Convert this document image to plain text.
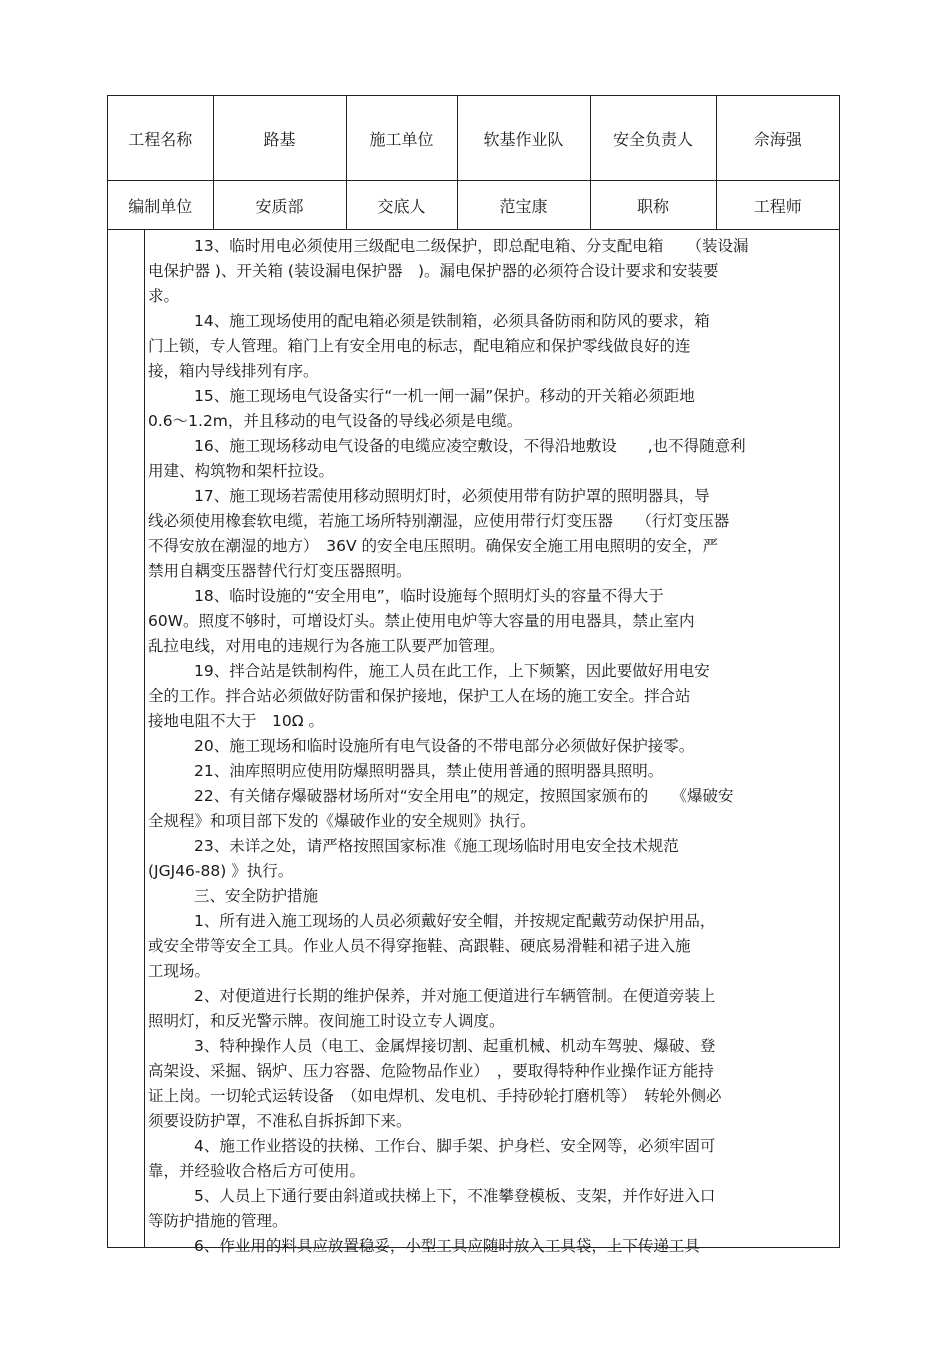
工程名称	路基	施工单位	软基作业队	安全负责人	佘海强
编制单位	安质部	交底人	范宝康	职称	工程师
13、临时用电必须使用三级配电二级保护，即总配电箱、分支配电箱　　（装设漏
电保护器 )、开关箱 (装设漏电保护器　)。漏电保护器的必须符合设计要求和安装要
求。
14、施工现场使用的配电箱必须是铁制箱，必须具备防雨和防风的要求，箱
门上锁，专人管理。箱门上有安全用电的标志，配电箱应和保护零线做良好的连
接，箱内导线排列有序。
15、施工现场电气设备实行“一机一闸一漏”保护。移动的开关箱必须距地
0.6～1.2m，并且移动的电气设备的导线必须是电缆。
16、施工现场移动电气设备的电缆应凌空敷设，不得沿地敷设　　,也不得随意利
用建、构筑物和架杆拉设。
17、施工现场若需使用移动照明灯时，必须使用带有防护罩的照明器具，导
线必须使用橡套软电缆，若施工场所特别潮湿，应使用带行灯变压器　　（行灯变压器
不得安放在潮湿的地方）　36V 的安全电压照明。确保安全施工用电照明的安全，严
禁用自耦变压器替代行灯变压器照明。
18、临时设施的“安全用电”，临时设施每个照明灯头的容量不得大于
60W。照度不够时，可增设灯头。禁止使用电炉等大容量的用电器具，禁止室内
乱拉电线，对用电的违规行为各施工队要严加管理。
19、拌合站是铁制构件，施工人员在此工作，上下频繁，因此要做好用电安
全的工作。拌合站必须做好防雷和保护接地，保护工人在场的施工安全。拌合站
接地电阻不大于　10Ω 。
20、施工现场和临时设施所有电气设备的不带电部分必须做好保护接零。
21、油库照明应使用防爆照明器具，禁止使用普通的照明器具照明。
22、有关储存爆破器材场所对“安全用电”的规定，按照国家颁布的　　《爆破安
全规程》和项目部下发的《爆破作业的安全规则》执行。
23、未详之处，请严格按照国家标准《施工现场临时用电安全技术规范
(JGJ46-88) 》执行。
三、安全防护措施
1、所有进入施工现场的人员必须戴好安全帽，并按规定配戴劳动保护用品，
或安全带等安全工具。作业人员不得穿拖鞋、高跟鞋、硬底易滑鞋和裙子进入施
工现场。
2、对便道进行长期的维护保养，并对施工便道进行车辆管制。在便道旁装上
照明灯，和反光警示牌。夜间施工时设立专人调度。
3、特种操作人员（电工、金属焊接切割、起重机械、机动车驾驶、爆破、登
高架设、采掘、锅炉、压力容器、危险物品作业）　，要取得特种作业操作证方能持
证上岗。一切轮式运转设备　（如电焊机、发电机、手持砂轮打磨机等）　转轮外侧必
须要设防护罩，不准私自拆拆卸下来。
4、施工作业搭设的扶梯、工作台、脚手架、护身栏、安全网等，必须牢固可
靠，并经验收合格后方可使用。
5、人员上下通行要由斜道或扶梯上下，不准攀登模板、支架，并作好进入口
等防护措施的管理。
6、作业用的料具应放置稳妥，小型工具应随时放入工具袋，上下传递工具
